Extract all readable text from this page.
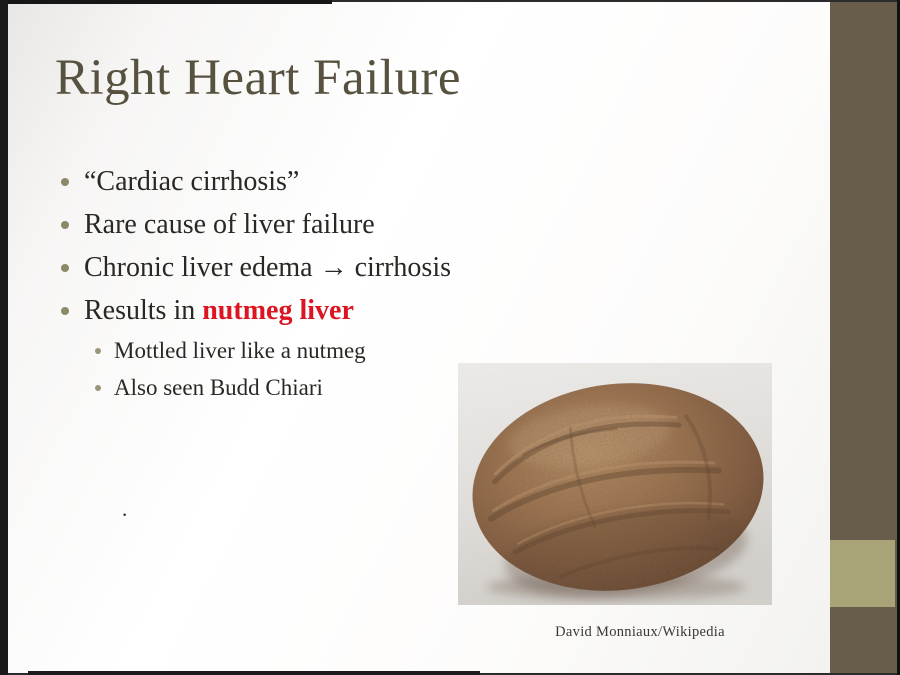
Right Heart Failure
“Cardiac cirrhosis”
Rare cause of liver failure
Chronic liver edema → cirrhosis
Results in nutmeg liver
Mottled liver like a nutmeg
Also seen Budd Chiari
.
David Monniaux/Wikipedia
